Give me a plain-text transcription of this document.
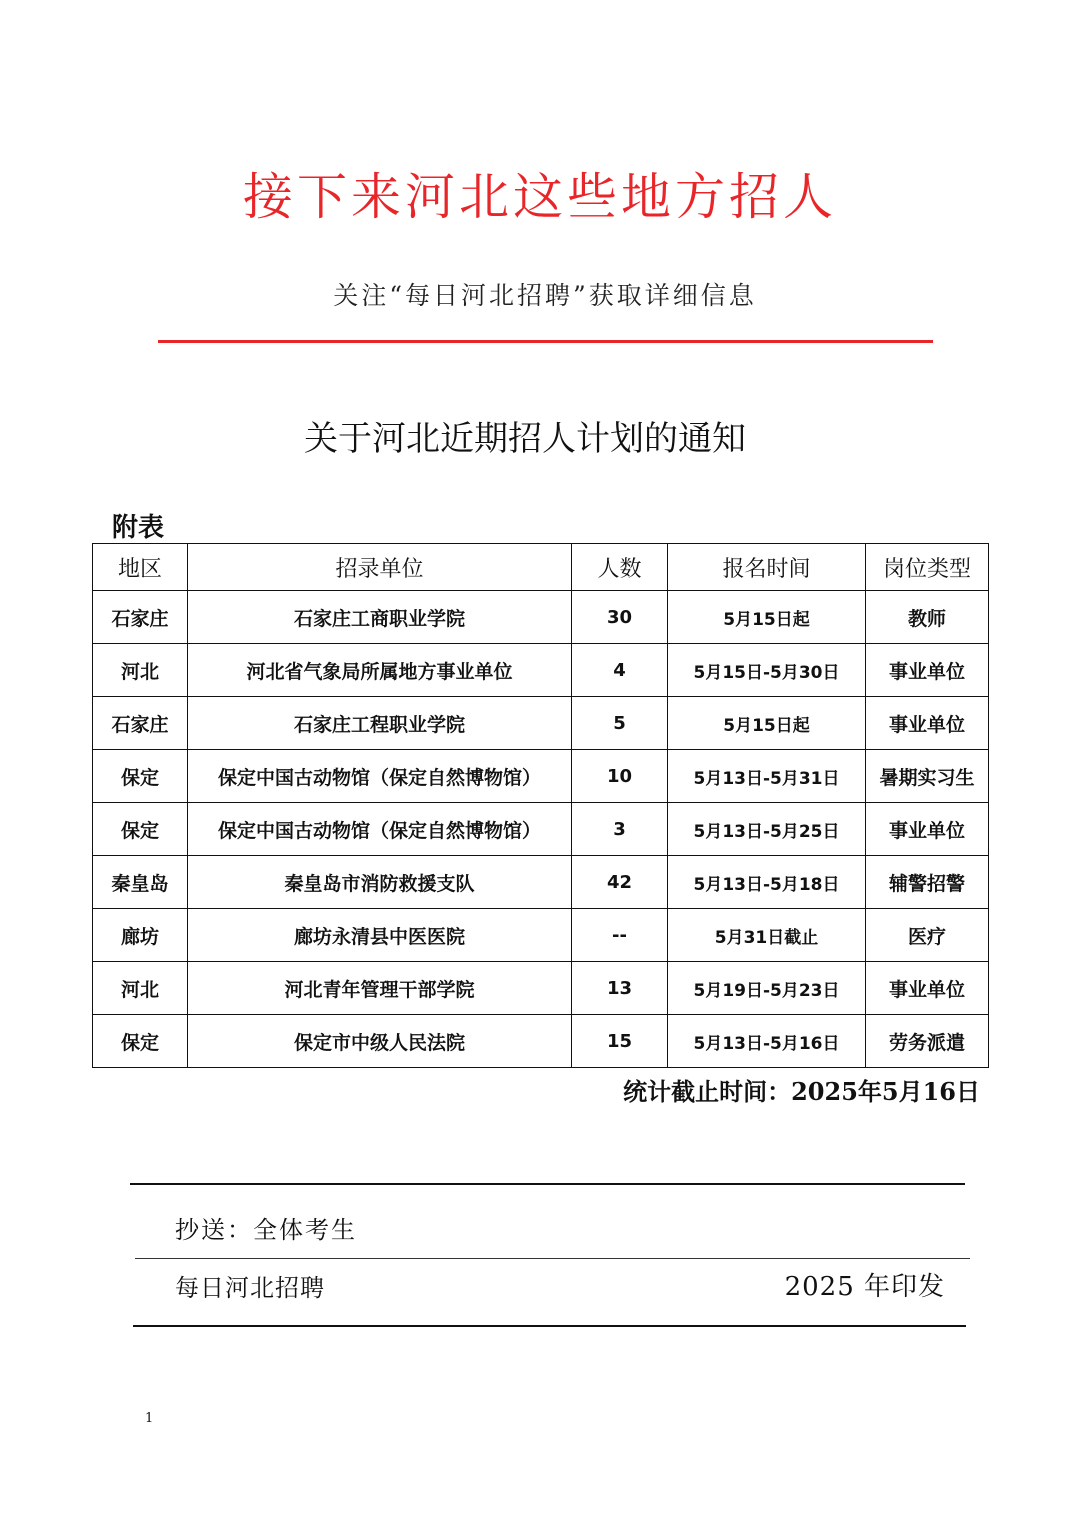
接下来河北这些地方招人
关注“每日河北招聘”获取详细信息
关于河北近期招人计划的通知
附表
地区	招录单位	人数	报名时间	岗位类型
石家庄	石家庄工商职业学院	30	5月15日起	教师
河北	河北省气象局所属地方事业单位	4	5月15日-5月30日	事业单位
石家庄	石家庄工程职业学院	5	5月15日起	事业单位
保定	保定中国古动物馆（保定自然博物馆）	10	5月13日-5月31日	暑期实习生
保定	保定中国古动物馆（保定自然博物馆）	3	5月13日-5月25日	事业单位
秦皇岛	秦皇岛市消防救援支队	42	5月13日-5月18日	辅警招警
廊坊	廊坊永清县中医医院	--	5月31日截止	医疗
河北	河北青年管理干部学院	13	5月19日-5月23日	事业单位
保定	保定市中级人民法院	15	5月13日-5月16日	劳务派遣
统计截止时间：2025年5月16日
抄送：全体考生
每日河北招聘	2025 年印发
1
